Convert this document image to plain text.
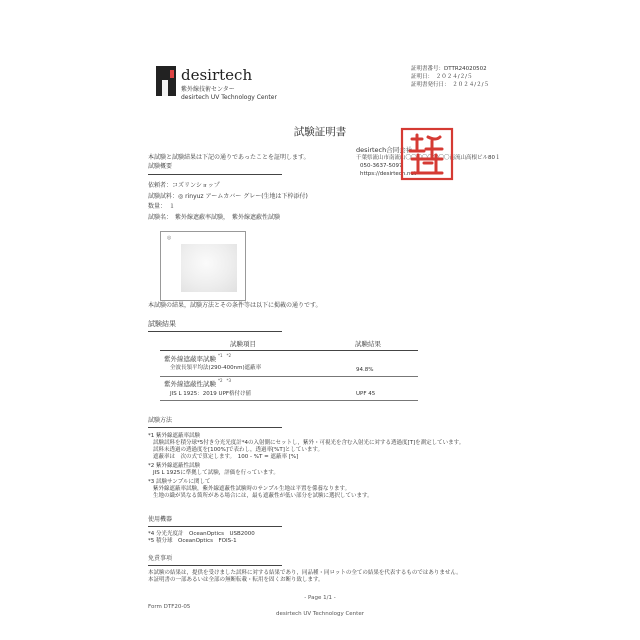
desirtech
紫外線技術センター
desirtech UV Technology Center
証明書番号：DTTR24020502
証明日：　２０２４/２/５
証明書発行日：　２０２４/２/５
試験証明書
desirtech合同会社
千葉県流山市南流山〇〇〇〇〇〇〇〇南流山高根ビル80１
050-3637-5097
https://desirtech.net
本試験と試験結果は下記の通りであったことを証明します。
試験概要
依頼者：コズリンショップ
試験試料：◎ rinyuz アームカバー グレー(生地は下枠添付)
数量：　１
試験名：　紫外線遮蔽率試験，　紫外線遮蔽性試験
◎
本試験の結果，試験方法とその条件等は以下に掲載の通りです。
試験結果
試験項目	試験結果
紫外線遮蔽率試験 *1　*2
全波長領平均法(290-400nm)遮蔽率	94.8%
紫外線遮蔽性試験 *2　*3
JIS L 1925：2019 UPF格付け値	UPF 45
試験方法
*1 紫外線遮蔽率試験
試験試料を積分球*5付き分光光度計*4の入射側にセットし，紫外・可視光を含む入射光に対する透過度[T]を測定しています。
試料未透過の透過度を[100%]で表わし，透過率[%T]としています。
遮蔽率は　次の式で算定します。　100 - %T = 遮蔽率 [%]
*2 紫外線遮蔽性試験
JIS L 1925に準拠して試験，評価を行っています。
*3 試験サンプルに関して
紫外線遮蔽率試験，紫外線遮蔽性試験時のサンプル生地は平置を係養なります。
生地の織が異なる箇所がある場合には，最も遮蔽性が低い部分を試験に選択しています。
使用機器
*4 分光光度計　OceanOptics　USB2000
*5 積分球　OceanOptics　FOIS-1
免責事項
本試験の結果は，提供を受けました試料に対する結果であり，同品種・同ロットの全ての結果を代表するものではありません。
本証明書の一部あるいは全部の無断転載・転用を固くお断り致します。
- Page 1/1 -
Form DTF20-05
desirtech UV Technology Center
